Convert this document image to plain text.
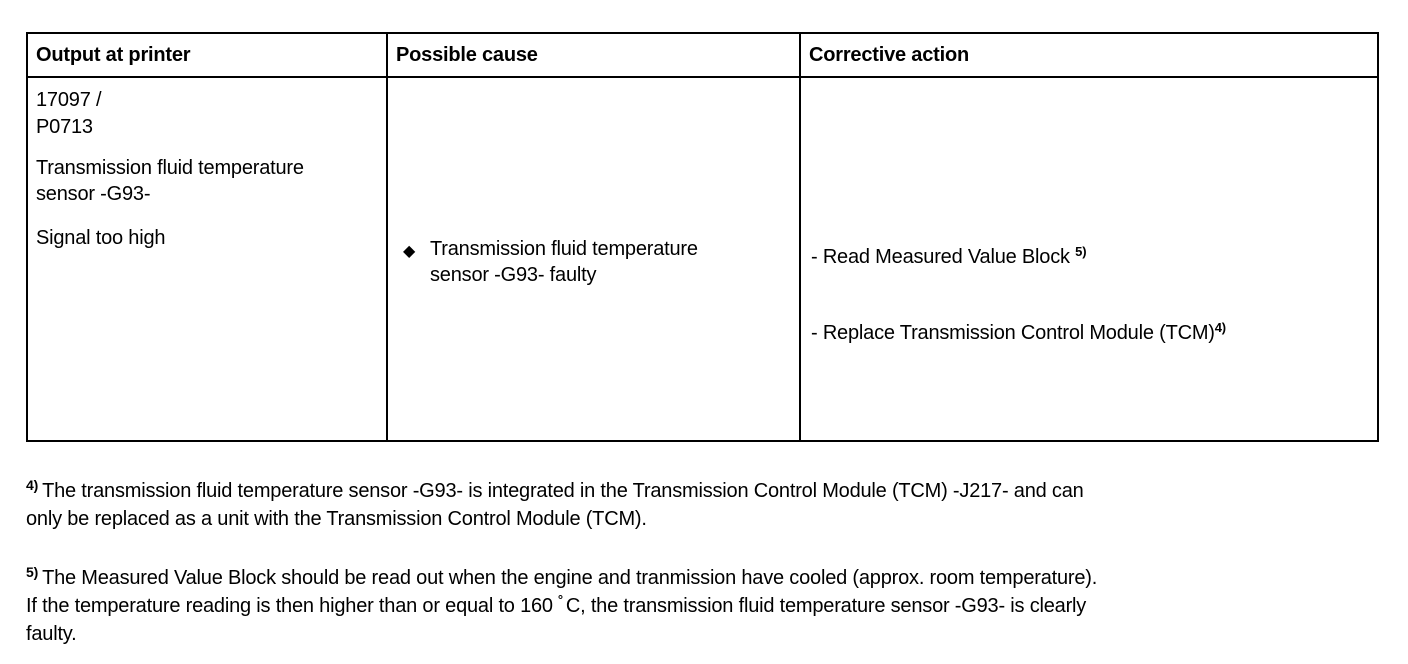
Output at printer	Possible cause	Corrective action
17097 /
P0713
Transmission fluid temperature
sensor -G93-
Signal too high
◆ Transmission fluid temperature
sensor -G93- faulty
- Read Measured Value Block $^{5)}$
- Replace Transmission Control Module (TCM)$^{4)}$
$^{4)}$ The transmission fluid temperature sensor -G93- is integrated in the Transmission Control Module (TCM) -J217- and can
only be replaced as a unit with the Transmission Control Module (TCM).
$^{5)}$ The Measured Value Block should be read out when the engine and tranmission have cooled (approx. room temperature).
If the temperature reading is then higher than or equal to 160 ° C, the transmission fluid temperature sensor -G93- is clearly
faulty.
